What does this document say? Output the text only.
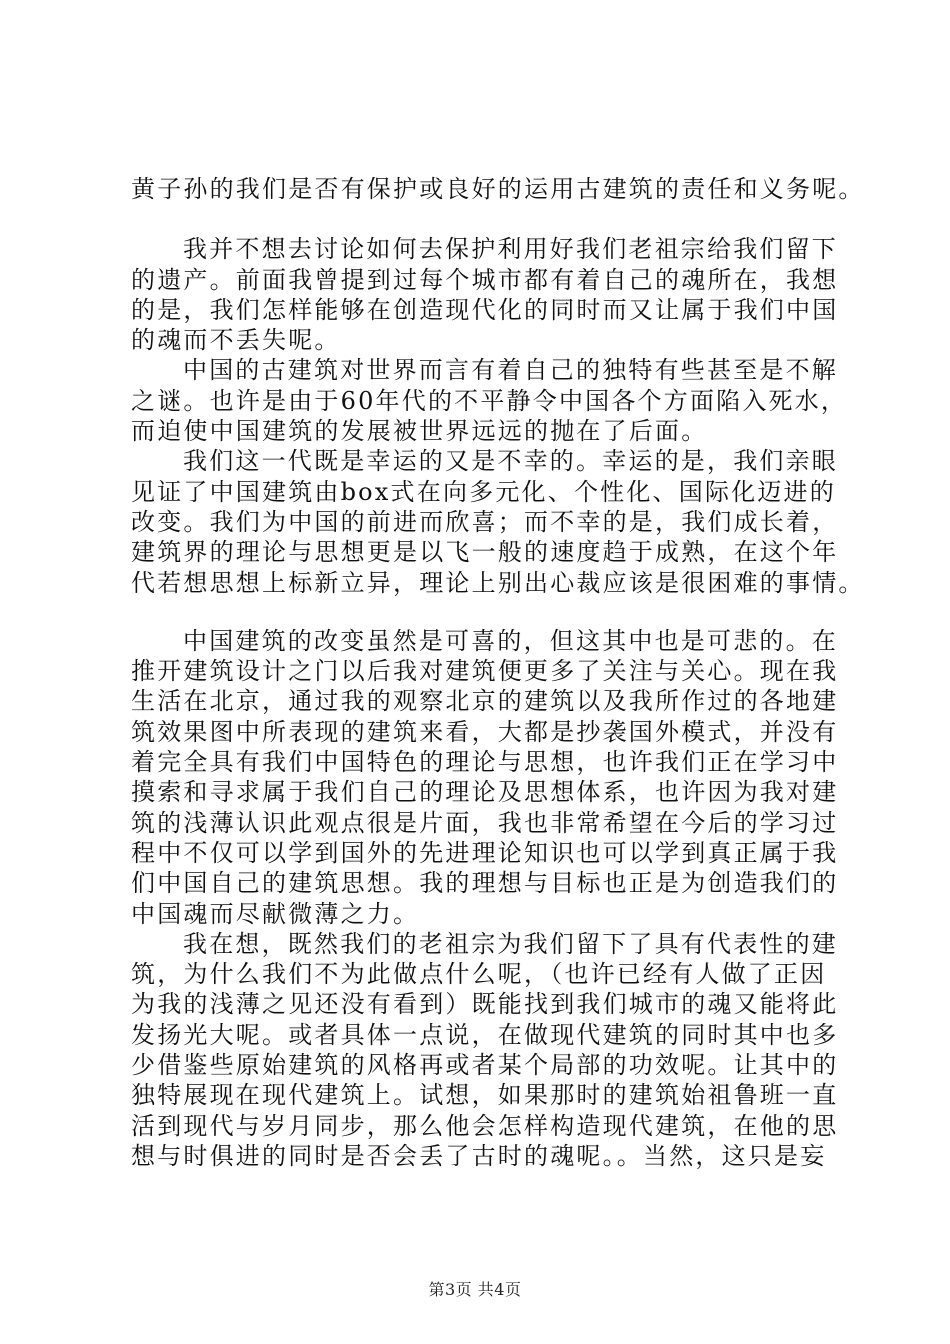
黄子孙的我们是否有保护或良好的运用古建筑的责任和义务呢。
我并不想去讨论如何去保护利用好我们老祖宗给我们留下
的遗产。前面我曾提到过每个城市都有着自己的魂所在，我想
的是，我们怎样能够在创造现代化的同时而又让属于我们中国
的魂而不丢失呢。
中国的古建筑对世界而言有着自己的独特有些甚至是不解
之谜。也许是由于60年代的不平静令中国各个方面陷入死水，
而迫使中国建筑的发展被世界远远的抛在了后面。
我们这一代既是幸运的又是不幸的。幸运的是，我们亲眼
见证了中国建筑由box式在向多元化、个性化、国际化迈进的
改变。我们为中国的前进而欣喜；而不幸的是，我们成长着，
建筑界的理论与思想更是以飞一般的速度趋于成熟，在这个年
代若想思想上标新立异，理论上别出心裁应该是很困难的事情。
中国建筑的改变虽然是可喜的，但这其中也是可悲的。在
推开建筑设计之门以后我对建筑便更多了关注与关心。现在我
生活在北京，通过我的观察北京的建筑以及我所作过的各地建
筑效果图中所表现的建筑来看，大都是抄袭国外模式，并没有
着完全具有我们中国特色的理论与思想，也许我们正在学习中
摸索和寻求属于我们自己的理论及思想体系，也许因为我对建
筑的浅薄认识此观点很是片面，我也非常希望在今后的学习过
程中不仅可以学到国外的先进理论知识也可以学到真正属于我
们中国自己的建筑思想。我的理想与目标也正是为创造我们的
中国魂而尽献微薄之力。
我在想，既然我们的老祖宗为我们留下了具有代表性的建
筑，为什么我们不为此做点什么呢，（也许已经有人做了正因
为我的浅薄之见还没有看到）既能找到我们城市的魂又能将此
发扬光大呢。或者具体一点说，在做现代建筑的同时其中也多
少借鉴些原始建筑的风格再或者某个局部的功效呢。让其中的
独特展现在现代建筑上。试想，如果那时的建筑始祖鲁班一直
活到现代与岁月同步，那么他会怎样构造现代建筑，在他的思
想与时俱进的同时是否会丢了古时的魂呢。。当然，这只是妄
第3页 共4页
